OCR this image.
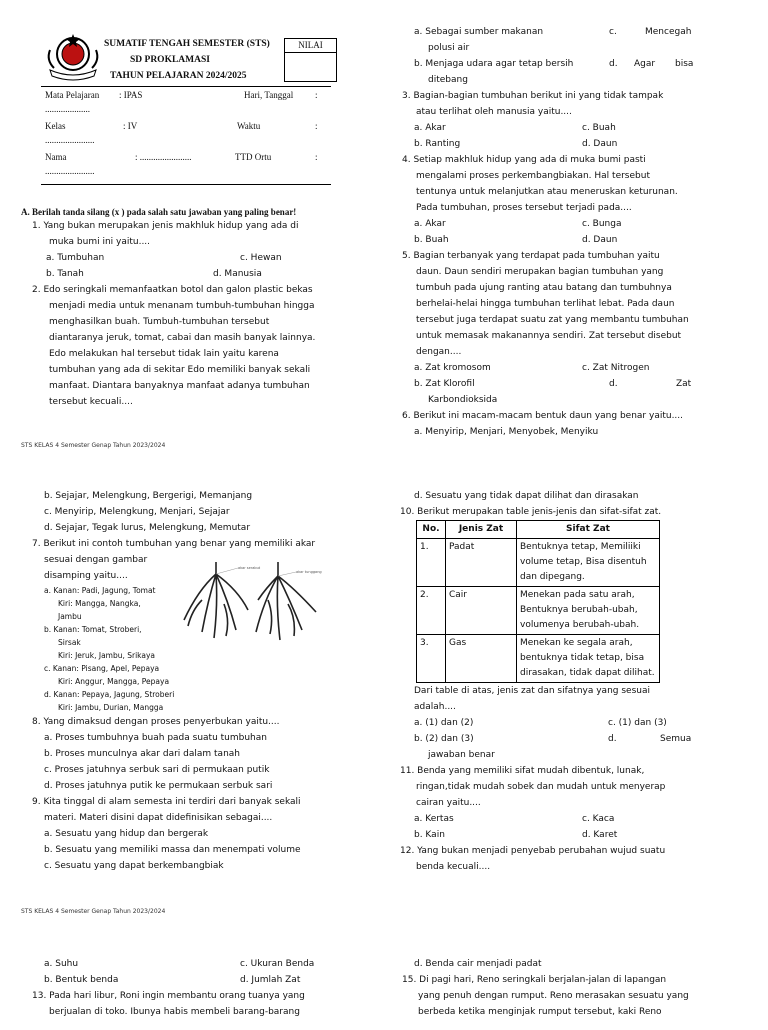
SUMATIF TENGAH SEMESTER (STS)
SD PROKLAMASI
TAHUN PELAJARAN 2024/2025
NILAI
Mata Pelajaran : IPAS	Hari, Tanggal :
....................
Kelas	: IV	Waktu	:
......................
Nama	: .......................	TTD Ortu	:
......................
A. Berilah tanda silang (x ) pada salah satu jawaban yang paling benar!
1. Yang bukan merupakan jenis makhluk hidup yang ada di
muka bumi ini yaitu....
a. Tumbuhan	c. Hewan
b. Tanah	d. Manusia
2. Edo seringkali memanfaatkan botol dan galon plastic bekas
menjadi media untuk menanam tumbuh-tumbuhan hingga
menghasilkan buah. Tumbuh-tumbuhan tersebut
diantaranya jeruk, tomat, cabai dan masih banyak lainnya.
Edo melakukan hal tersebut tidak lain yaitu karena
tumbuhan yang ada di sekitar Edo memiliki banyak sekali
manfaat. Diantara banyaknya manfaat adanya tumbuhan
tersebut kecuali....
STS KELAS 4 Semester Genap Tahun 2023/2024
a. Sebagai sumber makanan	c.	Mencegah
polusi air
b. Menjaga udara agar tetap bersih	d. Agar bisa
ditebang
3. Bagian-bagian tumbuhan berikut ini yang tidak tampak
atau terlihat oleh manusia yaitu....
a. Akar	c. Buah
b. Ranting	d. Daun
4. Setiap makhluk hidup yang ada di muka bumi pasti
mengalami proses perkembangbiakan. Hal tersebut
tentunya untuk melanjutkan atau meneruskan keturunan.
Pada tumbuhan, proses tersebut terjadi pada....
a. Akar	c. Bunga
b. Buah	d. Daun
5. Bagian terbanyak yang terdapat pada tumbuhan yaitu
daun. Daun sendiri merupakan bagian tumbuhan yang
tumbuh pada ujung ranting atau batang dan tumbuhnya
berhelai-helai hingga tumbuhan terlihat lebat. Pada daun
tersebut juga terdapat suatu zat yang membantu tumbuhan
untuk memasak makanannya sendiri. Zat tersebut disebut
dengan....
a. Zat kromosom	c. Zat Nitrogen
b. Zat Klorofil	d.	Zat
Karbondioksida
6. Berikut ini macam-macam bentuk daun yang benar yaitu....
a. Menyirip, Menjari, Menyobek, Menyiku
b. Sejajar, Melengkung, Bergerigi, Memanjang
c. Menyirip, Melengkung, Menjari, Sejajar
d. Sejajar, Tegak lurus, Melengkung, Memutar
7. Berikut ini contoh tumbuhan yang benar yang memiliki akar
sesuai dengan gambar
disamping yaitu....
a. Kanan: Padi, Jagung, Tomat
Kiri: Mangga, Nangka,
Jambu
b. Kanan: Tomat, Stroberi,
Sirsak
Kiri: Jeruk, Jambu, Srikaya
c. Kanan: Pisang, Apel, Pepaya
Kiri: Anggur, Mangga, Pepaya
d. Kanan: Pepaya, Jagung, Stroberi
Kiri: Jambu, Durian, Mangga
8. Yang dimaksud dengan proses penyerbukan yaitu....
a. Proses tumbuhnya buah pada suatu tumbuhan
b. Proses munculnya akar dari dalam tanah
c. Proses jatuhnya serbuk sari di permukaan putik
d. Proses jatuhnya putik ke permukaan serbuk sari
9. Kita tinggal di alam semesta ini terdiri dari banyak sekali
materi. Materi disini dapat didefinisikan sebagai....
a. Sesuatu yang hidup dan bergerak
b. Sesuatu yang memiliki massa dan menempati volume
c. Sesuatu yang dapat berkembangbiak
akar serabut
akar tunggang
STS KELAS 4 Semester Genap Tahun 2023/2024
d. Sesuatu yang tidak dapat dilihat dan dirasakan
10. Berikut merupakan table jenis-jenis dan sifat-sifat zat.
No.	Jenis Zat	Sifat Zat
1.	Padat	Bentuknya tetap, Memiliiki volume tetap, Bisa disentuh dan dipegang.
2.	Cair	Menekan pada satu arah, Bentuknya berubah-ubah, volumenya berubah-ubah.
3.	Gas	Menekan ke segala arah, bentuknya tidak tetap, bisa dirasakan, tidak dapat dilihat.
Dari table di atas, jenis zat dan sifatnya yang sesuai
adalah....
a. (1) dan (2)	c. (1) dan (3)
b. (2) dan (3)	d.	Semua
jawaban benar
11. Benda yang memiliki sifat mudah dibentuk, lunak,
ringan,tidak mudah sobek dan mudah untuk menyerap
cairan yaitu....
a. Kertas	c. Kaca
b. Kain	d. Karet
12. Yang bukan menjadi penyebab perubahan wujud suatu
benda kecuali....
a. Suhu	c. Ukuran Benda
b. Bentuk benda	d. Jumlah Zat
13. Pada hari libur, Roni ingin membantu orang tuanya yang
berjualan di toko. Ibunya habis membeli barang-barang
d. Benda cair menjadi padat
15. Di pagi hari, Reno seringkali berjalan-jalan di lapangan
yang penuh dengan rumput. Reno merasakan sesuatu yang
berbeda ketika menginjak rumput tersebut, kaki Reno
